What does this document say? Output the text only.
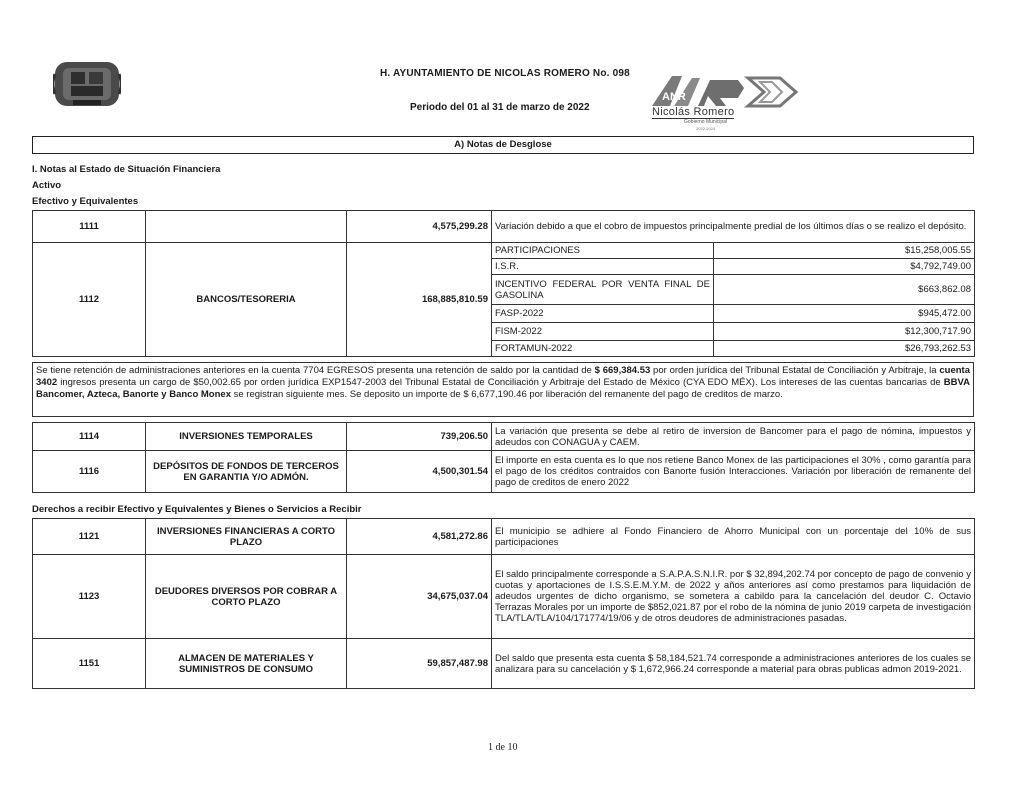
H. AYUNTAMIENTO DE NICOLAS ROMERO No. 098
Periodo del 01 al 31 de marzo de 2022
ANR
Nicolás Romero
Gobierno Municipal
2022-2024
A) Notas de Desglose
I. Notas al Estado de Situación Financiera
Activo
Efectivo y Equivalentes
1111		4,575,299.28	Variación debido a que el cobro de impuestos principalmente predial de los últimos días o se realizo el depósito.	
1112	BANCOS/TESORERIA	168,885,810.59	PARTICIPACIONES	$15,258,005.55
			I.S.R.	$4,792,749.00
			INCENTIVO FEDERAL POR VENTA FINAL DE GASOLINA	$663,862.08
			FASP-2022	$945,472.00
			FISM-2022	$12,300,717.90
			FORTAMUN-2022	$26,793,262.53
Se tiene retención de administraciones anteriores en la cuenta 7704 EGRESOS presenta una retención de saldo por la cantidad de $ 669,384.53 por orden jurídica del Tribunal Estatal de Conciliación y Arbitraje, la cuenta 3402 ingresos presenta un cargo de $50,002.65 por orden jurídica EXP1547-2003 del Tribunal Estatal de Conciliación y Arbitraje del Estado de México (CYA EDO MÉX). Los intereses de las cuentas bancarias de BBVA Bancomer, Azteca, Banorte y Banco Monex se registran siguiente mes. Se deposito un importe de $ 6,677,190.46 por liberación del remanente del pago de creditos de marzo.
1114	INVERSIONES TEMPORALES	739,206.50	La variación que presenta se debe al retiro de inversion de Bancomer para el pago de nómina, impuestos y adeudos con CONAGUA y CAEM.
1116	DEPÓSITOS DE FONDOS DE TERCEROS EN GARANTIA Y/O ADMÓN.	4,500,301.54	El importe en esta cuenta es lo que nos retiene Banco Monex de las participaciones el 30% , como garantía para el pago de los créditos contraidos con Banorte fusión Interacciones. Variación por liberación de remanente del pago de creditos de enero 2022
Derechos a recibir Efectivo y Equivalentes y Bienes o Servicios a Recibir
1121	INVERSIONES FINANCIERAS A CORTO PLAZO	4,581,272.86	El municipio se adhiere al Fondo Financiero de Ahorro Municipal con un porcentaje del 10% de sus participaciones
1123	DEUDORES DIVERSOS POR COBRAR A CORTO PLAZO	34,675,037.04	El saldo principalmente corresponde a S.A.P.A.S.N.I.R. por $ 32,894,202.74 por concepto de pago de convenio y cuotas y aportaciones de I.S.S.E.M.Y.M. de 2022 y años anteriores así como prestamos para liquidación de adeudos urgentes de dicho organismo, se sometera a cabildo para la cancelación del deudor C. Octavio Terrazas Morales por un importe de $852,021.87 por el robo de la nómina de junio 2019 carpeta de investigación TLA/TLA/TLA/104/171774/19/06 y de otros deudores de administraciones pasadas.
1151	ALMACEN DE MATERIALES Y SUMINISTROS DE CONSUMO	59,857,487.98	Del saldo que presenta esta cuenta $ 58,184,521.74 corresponde a administraciones anteriores de los cuales se analizara para su cancelación y $ 1,672,966.24 corresponde a material para obras publicas admon 2019-2021.
1 de 10
